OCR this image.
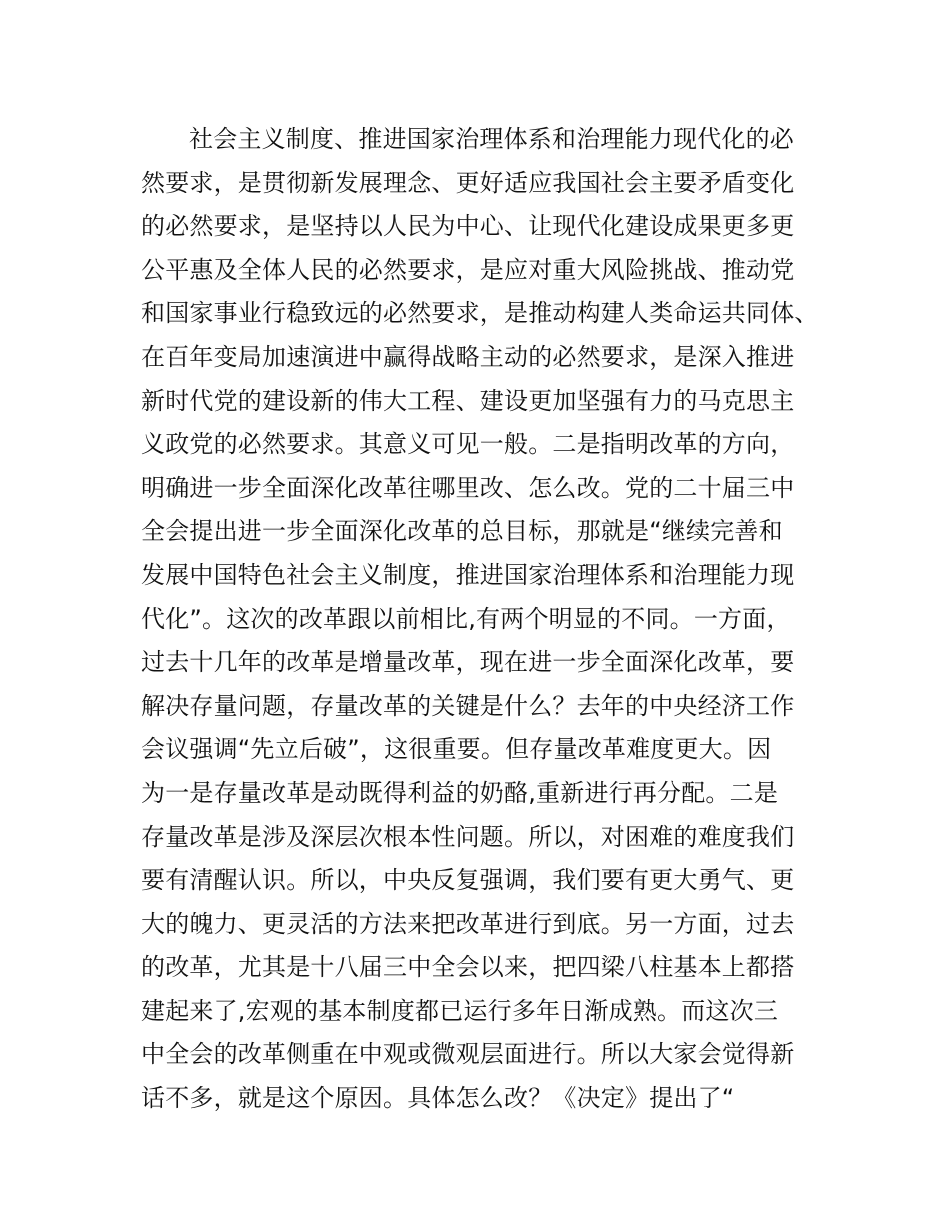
社会主义制度、推进国家治理体系和治理能力现代化的必
然要求，是贯彻新发展理念、更好适应我国社会主要矛盾变化
的必然要求，是坚持以人民为中心、让现代化建设成果更多更
公平惠及全体人民的必然要求，是应对重大风险挑战、推动党
和国家事业行稳致远的必然要求，是推动构建人类命运共同体、
在百年变局加速演进中赢得战略主动的必然要求，是深入推进
新时代党的建设新的伟大工程、建设更加坚强有力的马克思主
义政党的必然要求。其意义可见一般。二是指明改革的方向，
明确进一步全面深化改革往哪里改、怎么改。党的二十届三中
全会提出进一步全面深化改革的总目标，那就是“继续完善和
发展中国特色社会主义制度，推进国家治理体系和治理能力现
代化”。这次的改革跟以前相比,有两个明显的不同。一方面，
过去十几年的改革是增量改革，现在进一步全面深化改革，要
解决存量问题，存量改革的关键是什么？去年的中央经济工作
会议强调“先立后破”，这很重要。但存量改革难度更大。因
为一是存量改革是动既得利益的奶酪,重新进行再分配。二是
存量改革是涉及深层次根本性问题。所以，对困难的难度我们
要有清醒认识。所以，中央反复强调，我们要有更大勇气、更
大的魄力、更灵活的方法来把改革进行到底。另一方面，过去
的改革，尤其是十八届三中全会以来，把四梁八柱基本上都搭
建起来了,宏观的基本制度都已运行多年日渐成熟。而这次三
中全会的改革侧重在中观或微观层面进行。所以大家会觉得新
话不多，就是这个原因。具体怎么改？《决定》提出了“
